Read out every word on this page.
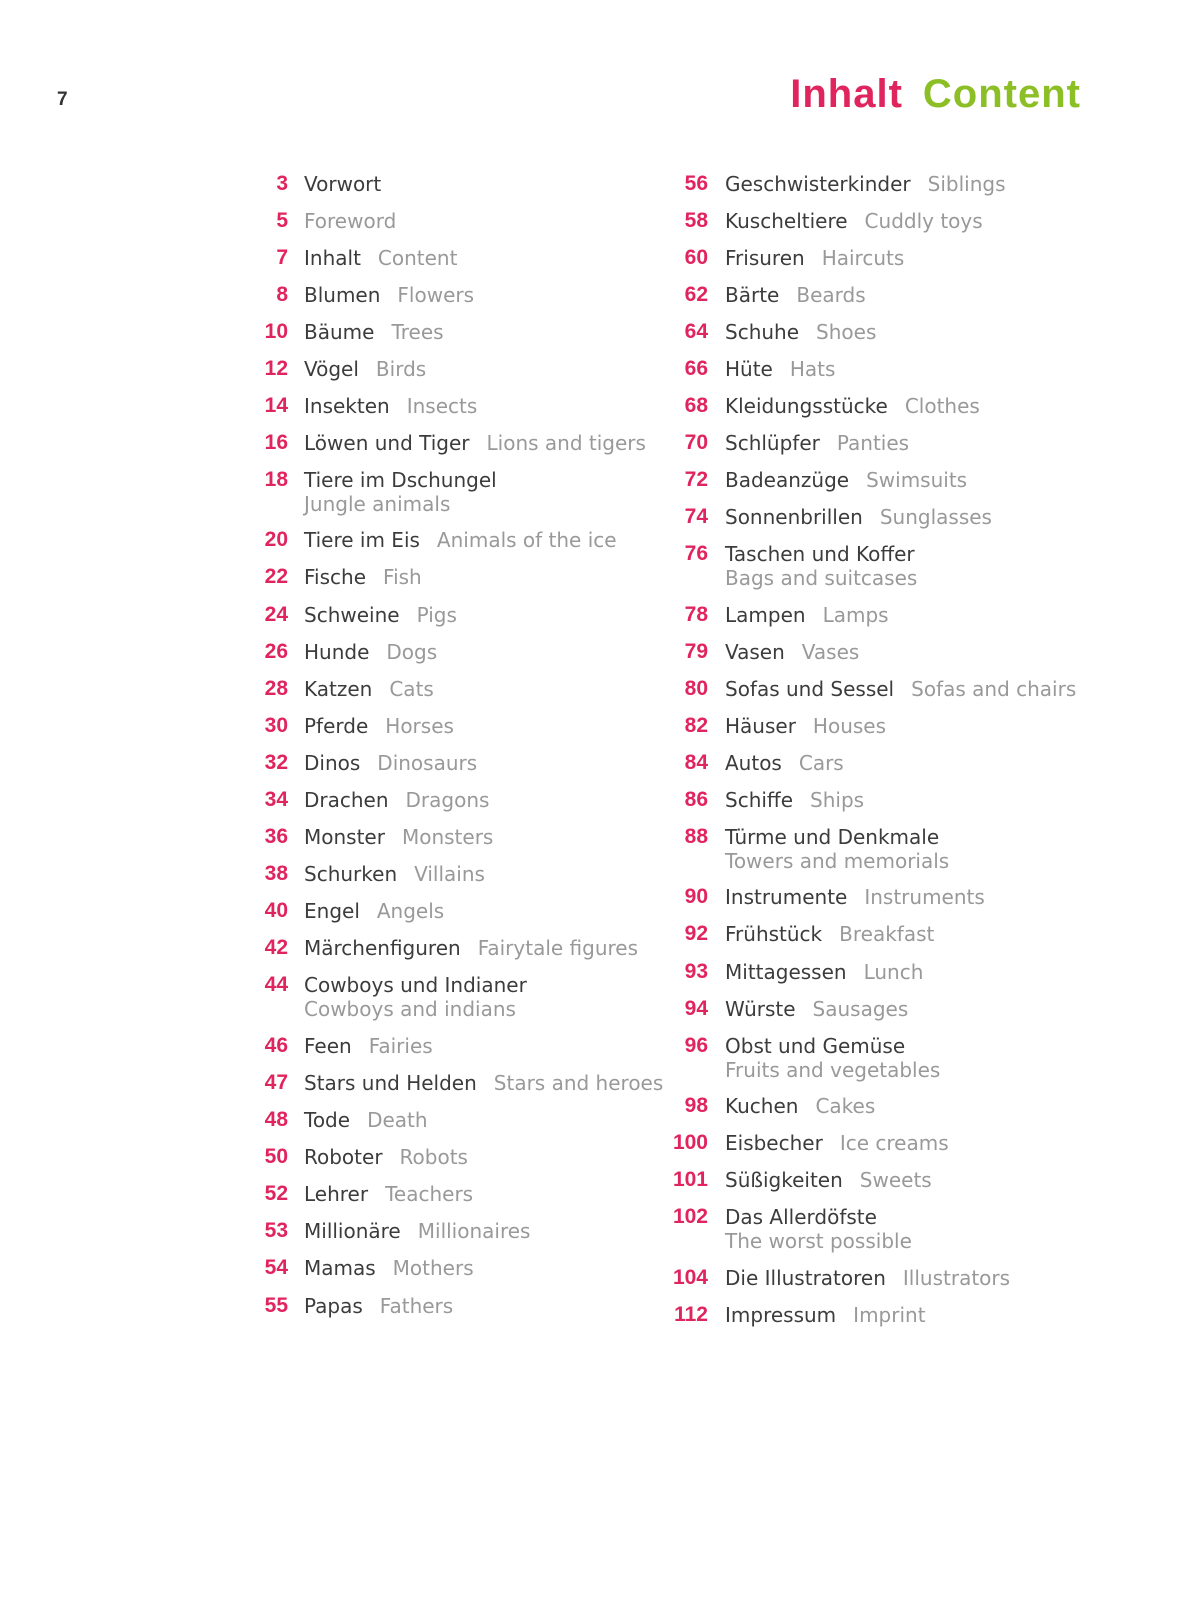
7	Inhalt Content
3 Vorwort
5 Foreword
7 Inhalt Content
8 Blumen Flowers
10 Bäume Trees
12 Vögel Birds
14 Insekten Insects
16 Löwen und Tiger Lions and tigers
18 Tiere im Dschungel
Jungle animals
20 Tiere im Eis Animals of the ice
22 Fische Fish
24 Schweine Pigs
26 Hunde Dogs
28 Katzen Cats
30 Pferde Horses
32 Dinos Dinosaurs
34 Drachen Dragons
36 Monster Monsters
38 Schurken Villains
40 Engel Angels
42 Märchenfiguren Fairytale figures
44 Cowboys und Indianer
Cowboys and indians
46 Feen Fairies
47 Stars und Helden Stars and heroes
48 Tode Death
50 Roboter Robots
52 Lehrer Teachers
53 Millionäre Millionaires
54 Mamas Mothers
55 Papas Fathers
56 Geschwisterkinder Siblings
58 Kuscheltiere Cuddly toys
60 Frisuren Haircuts
62 Bärte Beards
64 Schuhe Shoes
66 Hüte Hats
68 Kleidungsstücke Clothes
70 Schlüpfer Panties
72 Badeanzüge Swimsuits
74 Sonnenbrillen Sunglasses
76 Taschen und Koffer
Bags and suitcases
78 Lampen Lamps
79 Vasen Vases
80 Sofas und Sessel Sofas and chairs
82 Häuser Houses
84 Autos Cars
86 Schiffe Ships
88 Türme und Denkmale
Towers and memorials
90 Instrumente Instruments
92 Frühstück Breakfast
93 Mittagessen Lunch
94 Würste Sausages
96 Obst und Gemüse
Fruits and vegetables
98 Kuchen Cakes
100 Eisbecher Ice creams
101 Süßigkeiten Sweets
102 Das Allerdöfste
The worst possible
104 Die Illustratoren Illustrators
112 Impressum Imprint
